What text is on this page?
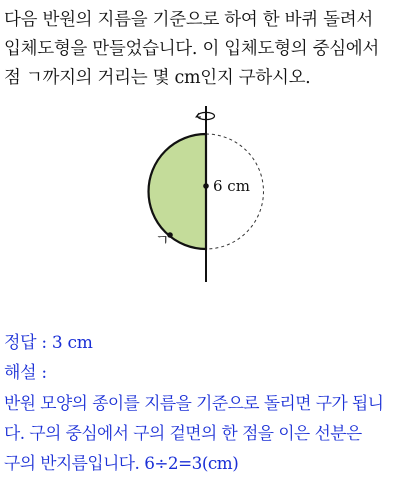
다음 반원의 지름을 기준으로 하여 한 바퀴 돌려서
입체도형을 만들었습니다. 이 입체도형의 중심에서
점 ㄱ까지의 거리는 몇 cm인지 구하시오.
6 cm
ㄱ
정답 : 3 cm
해설 :
반원 모양의 종이를 지름을 기준으로 돌리면 구가 됩니
다. 구의 중심에서 구의 겉면의 한 점을 이은 선분은
구의 반지름입니다. 6÷2=3(cm)
